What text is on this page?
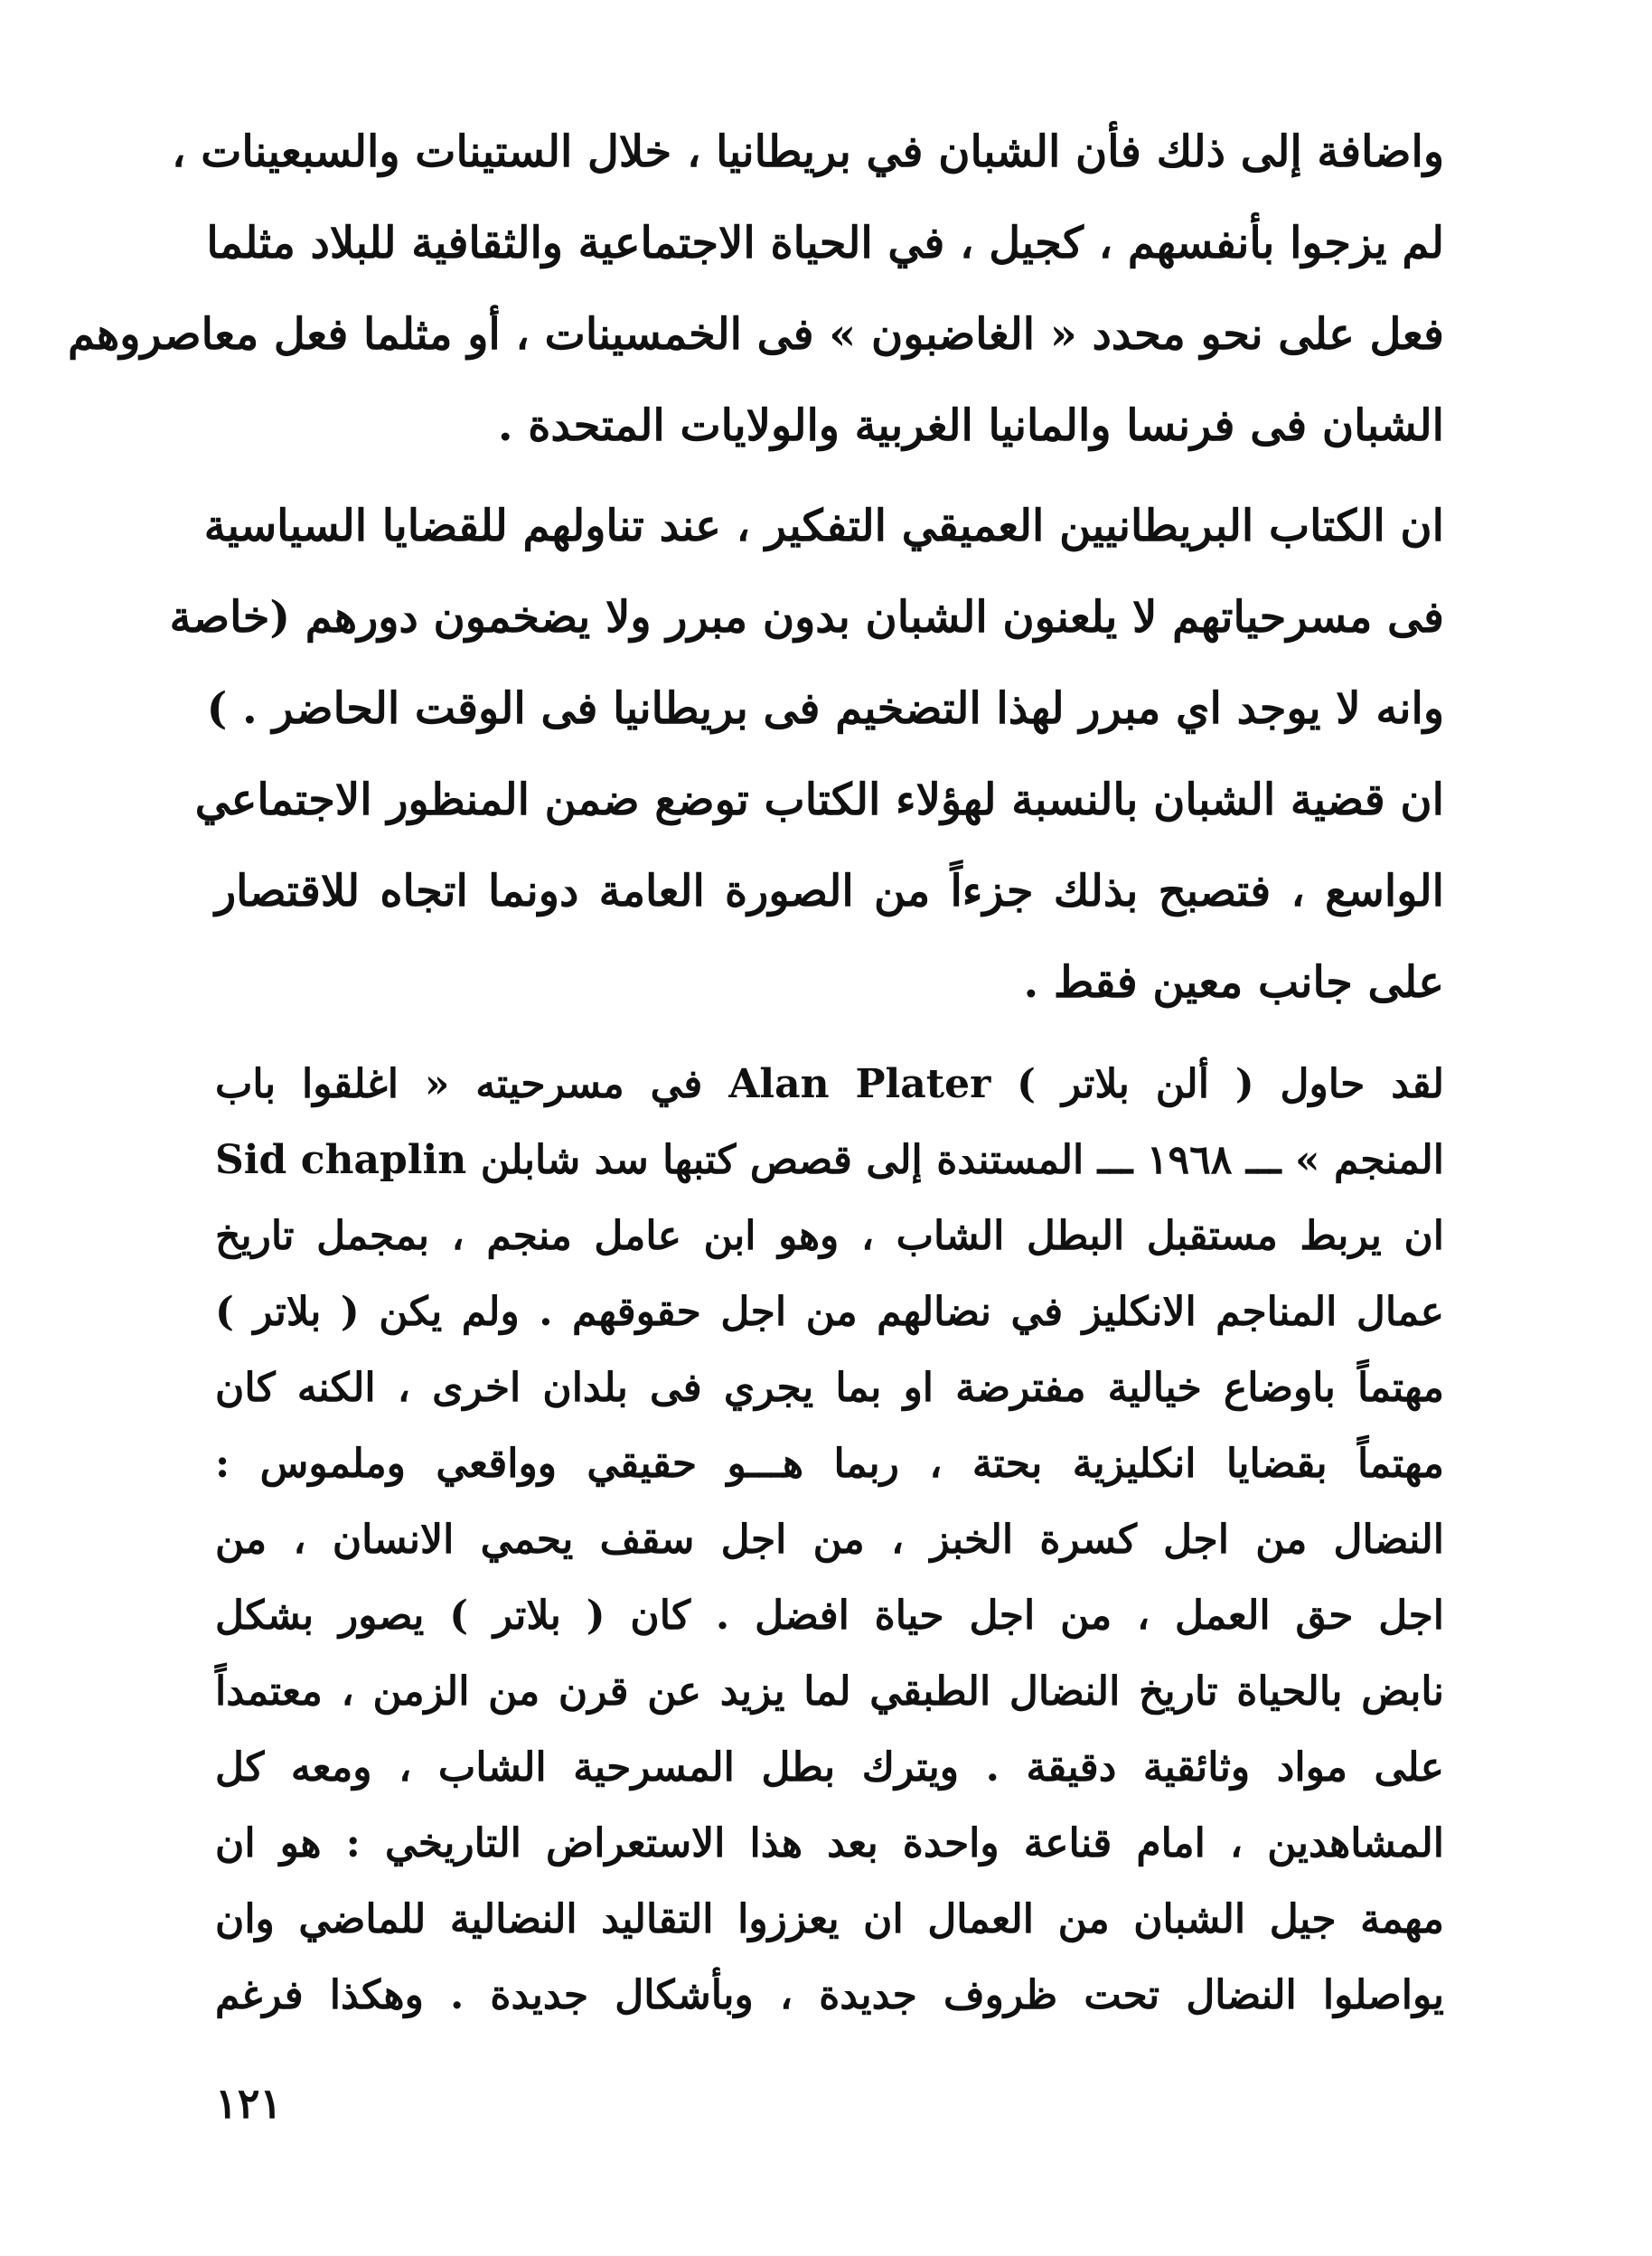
واضافة إلى ذلك فأن الشبان في بريطانيا ، خلال الستينات والسبعينات ،
لم يزجوا بأنفسهم ، كجيل ، في الحياة الاجتماعية والثقافية للبلاد مثلما
فعل على نحو محدد « الغاضبون » فى الخمسينات ، أو مثلما فعل معاصروهم
الشبان فى فرنسا والمانيا الغربية والولايات المتحدة .
ان الكتاب البريطانيين العميقي التفكير ، عند تناولهم للقضايا السياسية
فى مسرحياتهم لا يلعنون الشبان بدون مبرر ولا يضخمون دورهم (خاصة
وانه لا يوجد اي مبرر لهذا التضخيم فى بريطانيا فى الوقت الحاضر . )
ان قضية الشبان بالنسبة لهؤلاء الكتاب توضع ضمن المنظور الاجتماعي
الواسع ، فتصبح بذلك جزءاً من الصورة العامة دونما اتجاه للاقتصار
على جانب معين فقط .
لقد حاول ( ألن بلاتر ) Alan Plater في مسرحيته « اغلقوا باب
المنجم » ـــ ١٩٦٨ ـــ المستندة إلى قصص كتبها سد شابلن Sid chaplin
ان يربط مستقبل البطل الشاب ، وهو ابن عامل منجم ، بمجمل تاريخ
عمال المناجم الانكليز في نضالهم من اجل حقوقهم . ولم يكن ( بلاتر )
مهتماً باوضاع خيالية مفترضة او بما يجري فى بلدان اخرى ، الكنه كان
مهتماً بقضايا انكليزية بحتة ، ربما هـــو حقيقي وواقعي وملموس :
النضال من اجل كسرة الخبز ، من اجل سقف يحمي الانسان ، من
اجل حق العمل ، من اجل حياة افضل . كان ( بلاتر ) يصور بشكل
نابض بالحياة تاريخ النضال الطبقي لما يزيد عن قرن من الزمن ، معتمداً
على مواد وثائقية دقيقة . ويترك بطل المسرحية الشاب ، ومعه كل
المشاهدين ، امام قناعة واحدة بعد هذا الاستعراض التاريخي : هو ان
مهمة جيل الشبان من العمال ان يعززوا التقاليد النضالية للماضي وان
يواصلوا النضال تحت ظروف جديدة ، وبأشكال جديدة . وهكذا فرغم
١٢١
